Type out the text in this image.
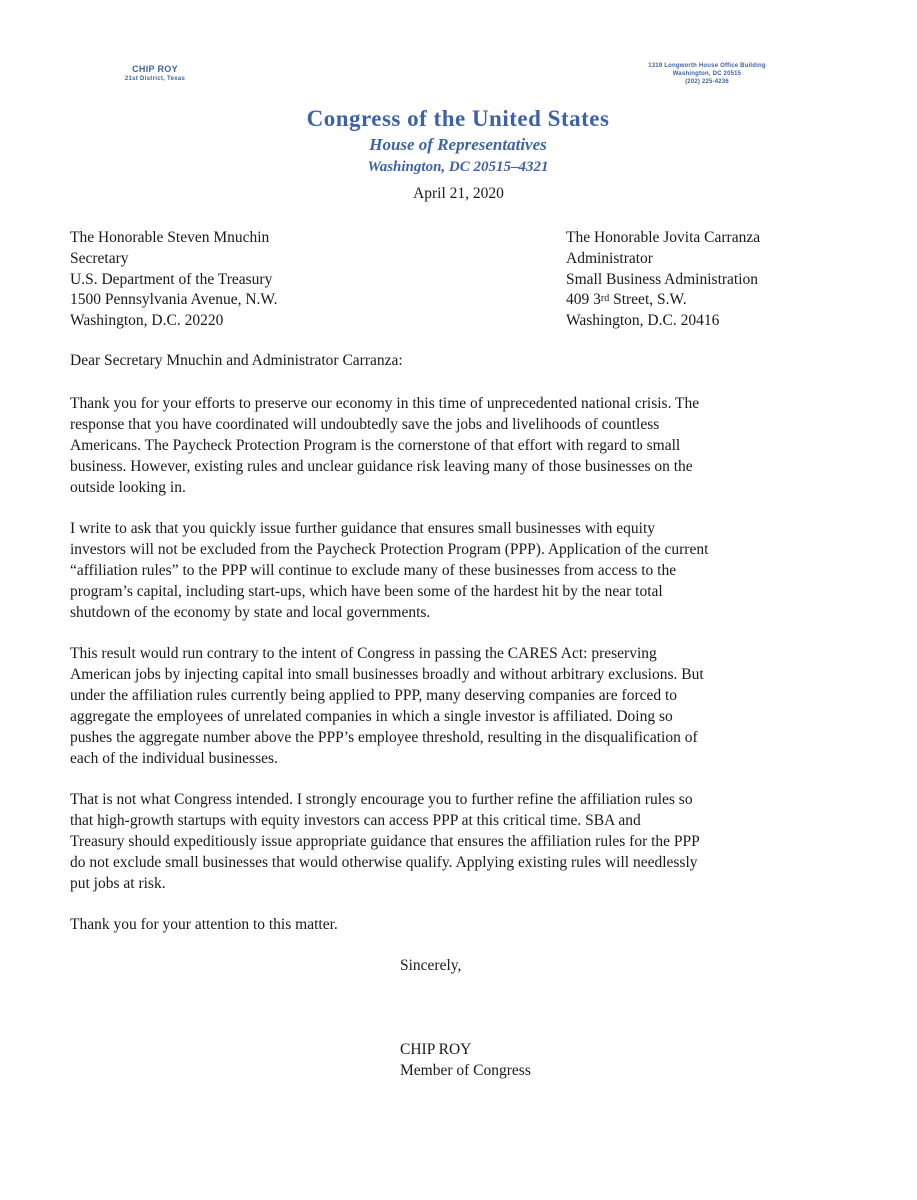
CHIP ROY
21st District, Texas
1319 Longworth House Office Building
Washington, DC 20515
(202) 225-4236
Congress of the United States
House of Representatives
Washington, DC 20515–4321
April 21, 2020
The Honorable Steven Mnuchin
Secretary
U.S. Department of the Treasury
1500 Pennsylvania Avenue, N.W.
Washington, D.C. 20220
The Honorable Jovita Carranza
Administrator
Small Business Administration
409 3rd Street, S.W.
Washington, D.C. 20416
Dear Secretary Mnuchin and Administrator Carranza:
Thank you for your efforts to preserve our economy in this time of unprecedented national crisis. The
response that you have coordinated will undoubtedly save the jobs and livelihoods of countless
Americans. The Paycheck Protection Program is the cornerstone of that effort with regard to small
business. However, existing rules and unclear guidance risk leaving many of those businesses on the
outside looking in.
I write to ask that you quickly issue further guidance that ensures small businesses with equity
investors will not be excluded from the Paycheck Protection Program (PPP). Application of the current
“affiliation rules” to the PPP will continue to exclude many of these businesses from access to the
program’s capital, including start-ups, which have been some of the hardest hit by the near total
shutdown of the economy by state and local governments.
This result would run contrary to the intent of Congress in passing the CARES Act: preserving
American jobs by injecting capital into small businesses broadly and without arbitrary exclusions. But
under the affiliation rules currently being applied to PPP, many deserving companies are forced to
aggregate the employees of unrelated companies in which a single investor is affiliated. Doing so
pushes the aggregate number above the PPP’s employee threshold, resulting in the disqualification of
each of the individual businesses.
That is not what Congress intended. I strongly encourage you to further refine the affiliation rules so
that high-growth startups with equity investors can access PPP at this critical time. SBA and
Treasury should expeditiously issue appropriate guidance that ensures the affiliation rules for the PPP
do not exclude small businesses that would otherwise qualify. Applying existing rules will needlessly
put jobs at risk.
Thank you for your attention to this matter.
Sincerely,
CHIP ROY
Member of Congress
